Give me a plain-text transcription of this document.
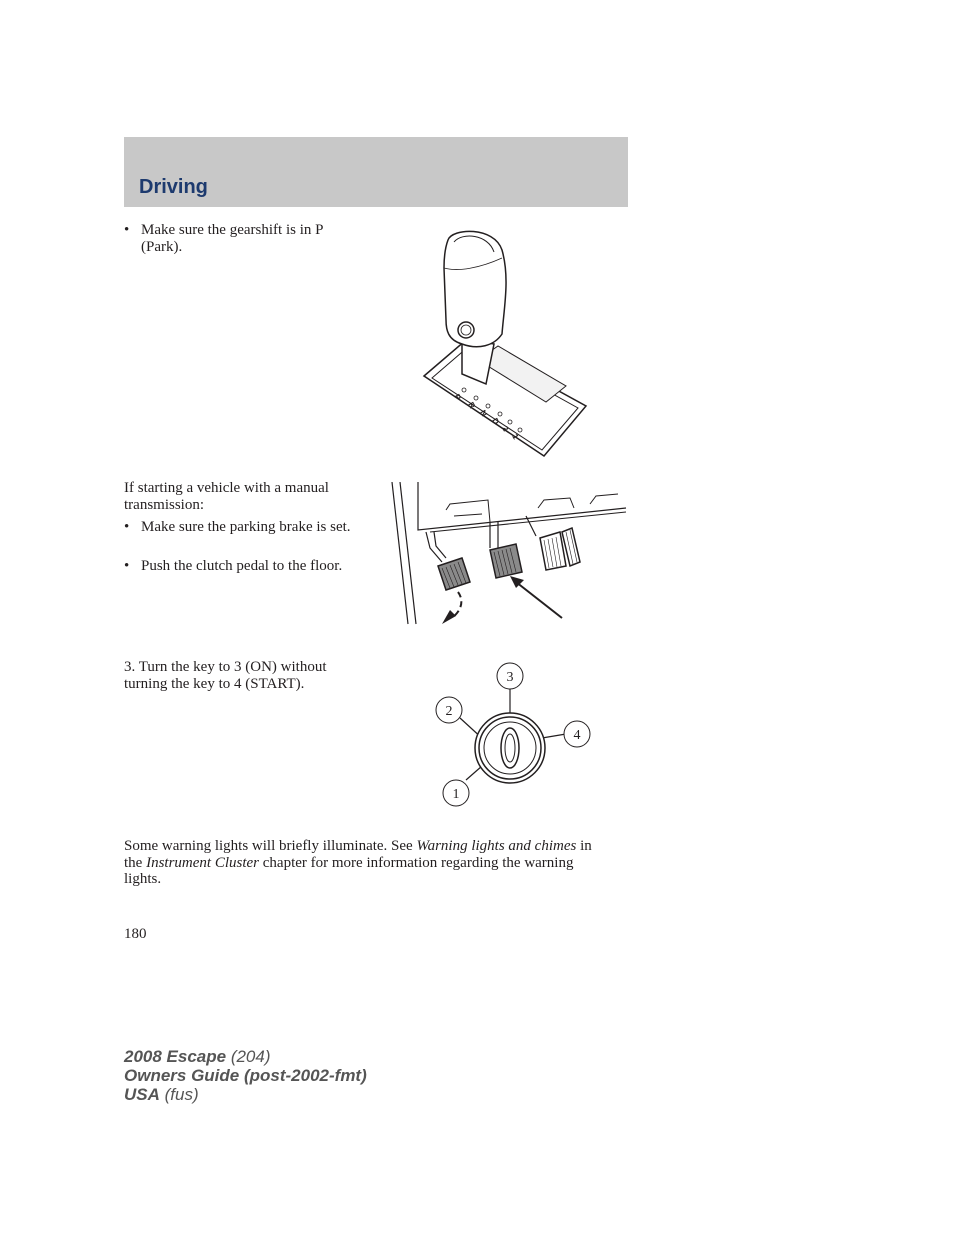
Driving
• Make sure the gearshift is in P (Park).
P
R
N
D
2
1
If starting a vehicle with a manual transmission:
• Make sure the parking brake is set.
• Push the clutch pedal to the floor.
3. Turn the key to 3 (ON) without turning the key to 4 (START).
1
2
3
4
Some warning lights will briefly illuminate. See Warning lights and chimes in the Instrument Cluster chapter for more information regarding the warning lights.
180
2008 Escape (204)
Owners Guide (post-2002-fmt)
USA (fus)
